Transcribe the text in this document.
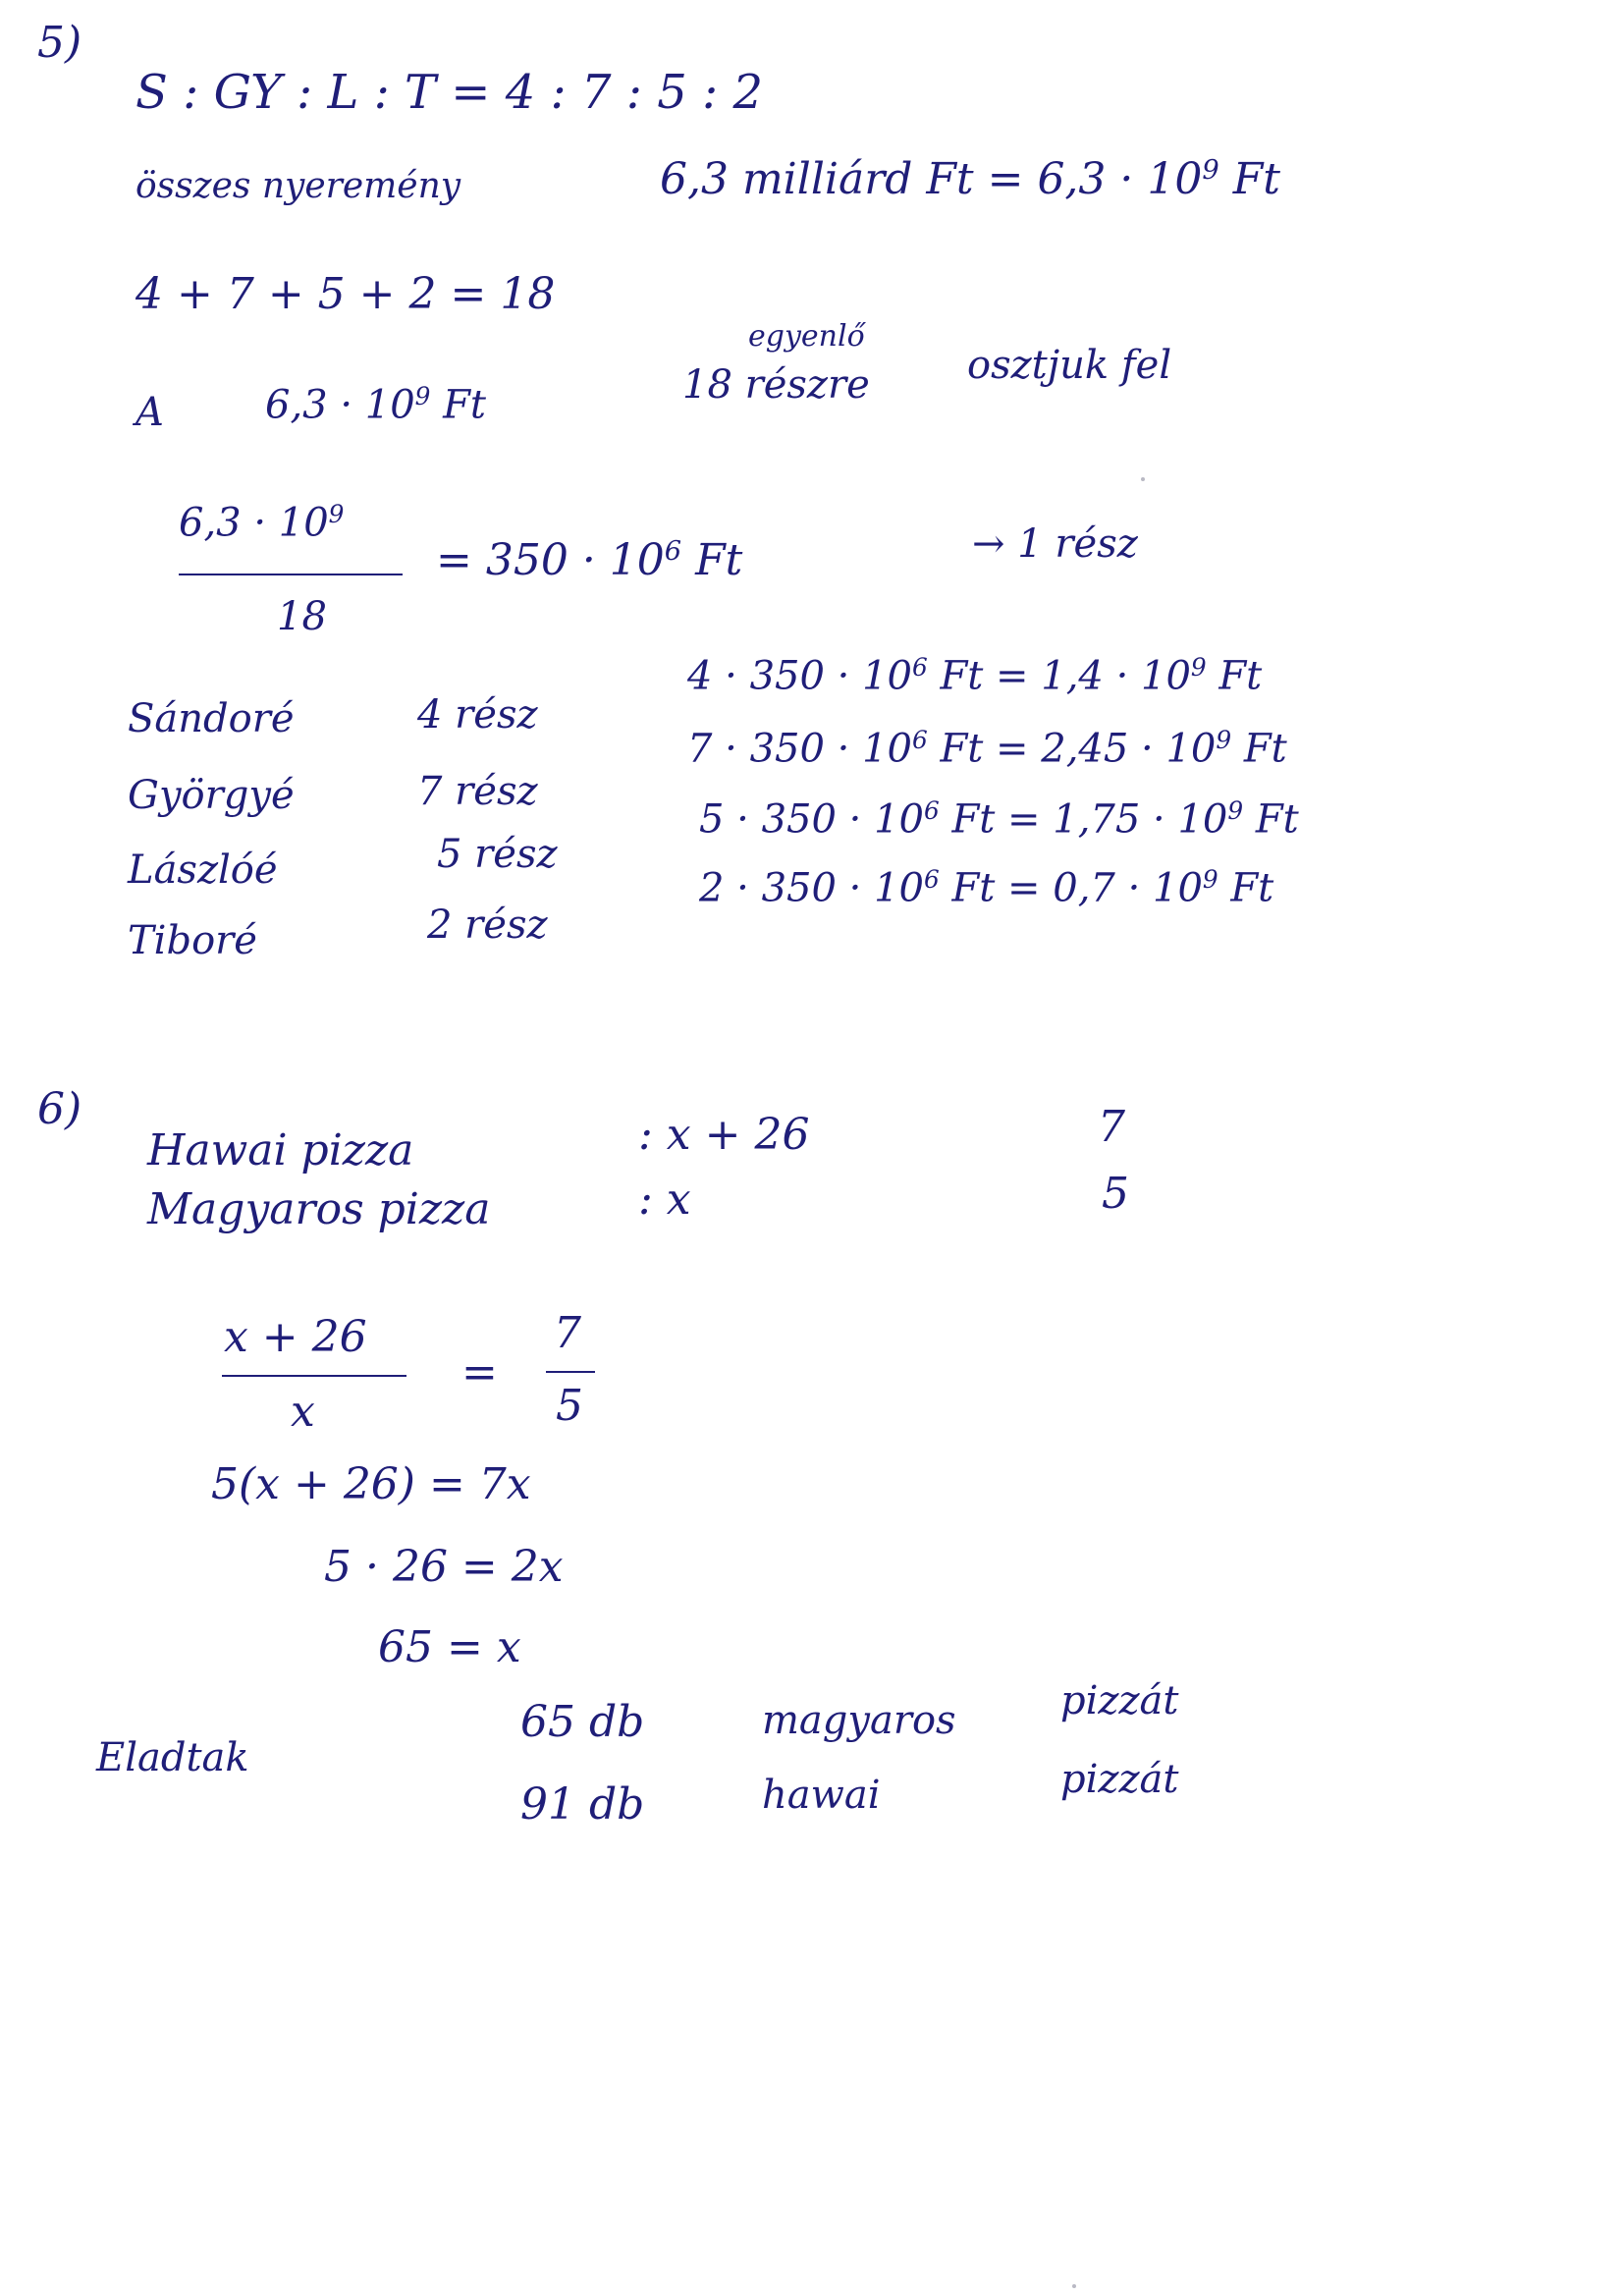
5)
S : GY : L : T = 4 : 7 : 5 : 2
összes nyeremény	6,3 milliárd $Ft = 6,3 \cdot 10^9$ Ft
4 + 7 + 5 + 2 = 18
A	$6,3 \cdot 10^9$ Ft
egyenlő
18 részre osztjuk fel
$6,3 \cdot 10^9$
18
= $350 \cdot 10^6$ Ft	→ 1 rész
Sándoré	4 rész
$4 \cdot 350 \cdot 10^6$ $Ft = 1,4 \cdot 10^9$ Ft
Györgyé	7 rész
$7 \cdot 350 \cdot 10^6$ $Ft = 2,45 \cdot 10^9$ Ft
Lászlóé	5 rész
$5 \cdot 350 \cdot 10^6$ $Ft = 1,75 \cdot 10^9$ Ft
Tiboré	2 rész
$2 \cdot 350 \cdot 10^6$ $Ft = 0,7 \cdot 10^9$ Ft
6)
Hawai pizza	: x + 26	7
Magyaros pizza	: x	5
x + 26
x
=
7
5
5(x + 26) = 7x
5 · 26 = 2x
65 = x
Eladtak
65 db	magyaros	pizzát
91 db	hawai	pizzát
